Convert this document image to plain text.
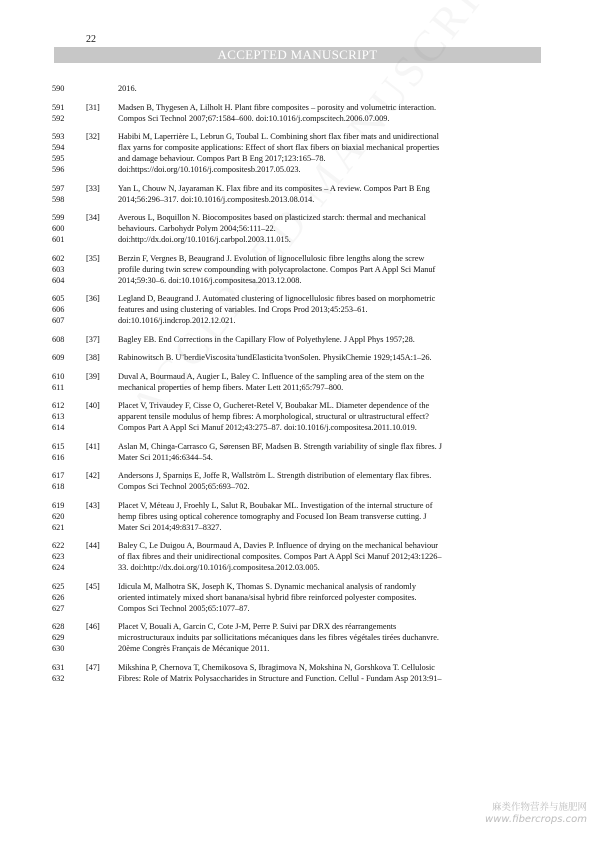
22
ACCEPTED MANUSCRIPT
590	2016.
591	[31] Madsen B, Thygesen A, Lilholt H. Plant fibre composites – porosity and volumetric interaction.
592	Compos Sci Technol 2007;67:1584–600. doi:10.1016/j.compscitech.2006.07.009.
593	[32] Habibi M, Laperrière L, Lebrun G, Toubal L. Combining short flax fiber mats and unidirectional
594	flax yarns for composite applications: Effect of short flax fibers on biaxial mechanical properties
595	and damage behaviour. Compos Part B Eng 2017;123:165–78.
596	doi:https://doi.org/10.1016/j.compositesb.2017.05.023.
597	[33] Yan L, Chouw N, Jayaraman K. Flax fibre and its composites – A review. Compos Part B Eng
598	2014;56:296–317. doi:10.1016/j.compositesb.2013.08.014.
599	[34] Averous L, Boquillon N. Biocomposites based on plasticized starch: thermal and mechanical
600	behaviours. Carbohydr Polym 2004;56:111–22.
601	doi:http://dx.doi.org/10.1016/j.carbpol.2003.11.015.
602	[35] Berzin F, Vergnes B, Beaugrand J. Evolution of lignocellulosic fibre lengths along the screw
603	profile during twin screw compounding with polycaprolactone. Compos Part A Appl Sci Manuf
604	2014;59:30–6. doi:10.1016/j.compositesa.2013.12.008.
605	[36] Legland D, Beaugrand J. Automated clustering of lignocellulosic fibres based on morphometric
606	features and using clustering of variables. Ind Crops Prod 2013;45:253–61.
607	doi:10.1016/j.indcrop.2012.12.021.
608	[37] Bagley EB. End Corrections in the Capillary Flow of Polyethylene. J Appl Phys 1957;28.
609	[38] Rabinowitsch B. U¨berdieViscosita ̈tundElasticita ̈tvonSolen. PhysikChemie 1929;145A:1–26.
610	[39] Duval A, Bourmaud A, Augier L, Baley C. Influence of the sampling area of the stem on the
611	mechanical properties of hemp fibers. Mater Lett 2011;65:797–800.
612	[40] Placet V, Trivaudey F, Cisse O, Gucheret-Retel V, Boubakar ML. Diameter dependence of the
613	apparent tensile modulus of hemp fibres: A morphological, structural or ultrastructural effect?
614	Compos Part A Appl Sci Manuf 2012;43:275–87. doi:10.1016/j.compositesa.2011.10.019.
615	[41] Aslan M, Chinga-Carrasco G, Sørensen BF, Madsen B. Strength variability of single flax fibres. J
616	Mater Sci 2011;46:6344–54.
617	[42] Andersons J, Sparniņs E, Joffe R, Wallström L. Strength distribution of elementary flax fibres.
618	Compos Sci Technol 2005;65:693–702.
619	[43] Placet V, Méteau J, Froehly L, Salut R, Boubakar ML. Investigation of the internal structure of
620	hemp fibres using optical coherence tomography and Focused Ion Beam transverse cutting. J
621	Mater Sci 2014;49:8317–8327.
622	[44] Baley C, Le Duigou A, Bourmaud A, Davies P. Influence of drying on the mechanical behaviour
623	of flax fibres and their unidirectional composites. Compos Part A Appl Sci Manuf 2012;43:1226–
624	33. doi:http://dx.doi.org/10.1016/j.compositesa.2012.03.005.
625	[45] Idicula M, Malhotra SK, Joseph K, Thomas S. Dynamic mechanical analysis of randomly
626	oriented intimately mixed short banana/sisal hybrid fibre reinforced polyester composites.
627	Compos Sci Technol 2005;65:1077–87.
628	[46] Placet V, Bouali A, Garcin C, Cote J-M, Perre P. Suivi par DRX des réarrangements
629	microstructuraux induits par sollicitations mécaniques dans les fibres végétales tirées duchanvre.
630	20ème Congrès Français de Mécanique 2011.
631	[47] Mikshina P, Chernova T, Chemikosova S, Ibragimova N, Mokshina N, Gorshkova T. Cellulosic
632	Fibres: Role of Matrix Polysaccharides in Structure and Function. Cellul - Fundam Asp 2013:91–
麻类作物营养与施肥网
www.fibercrops.com
